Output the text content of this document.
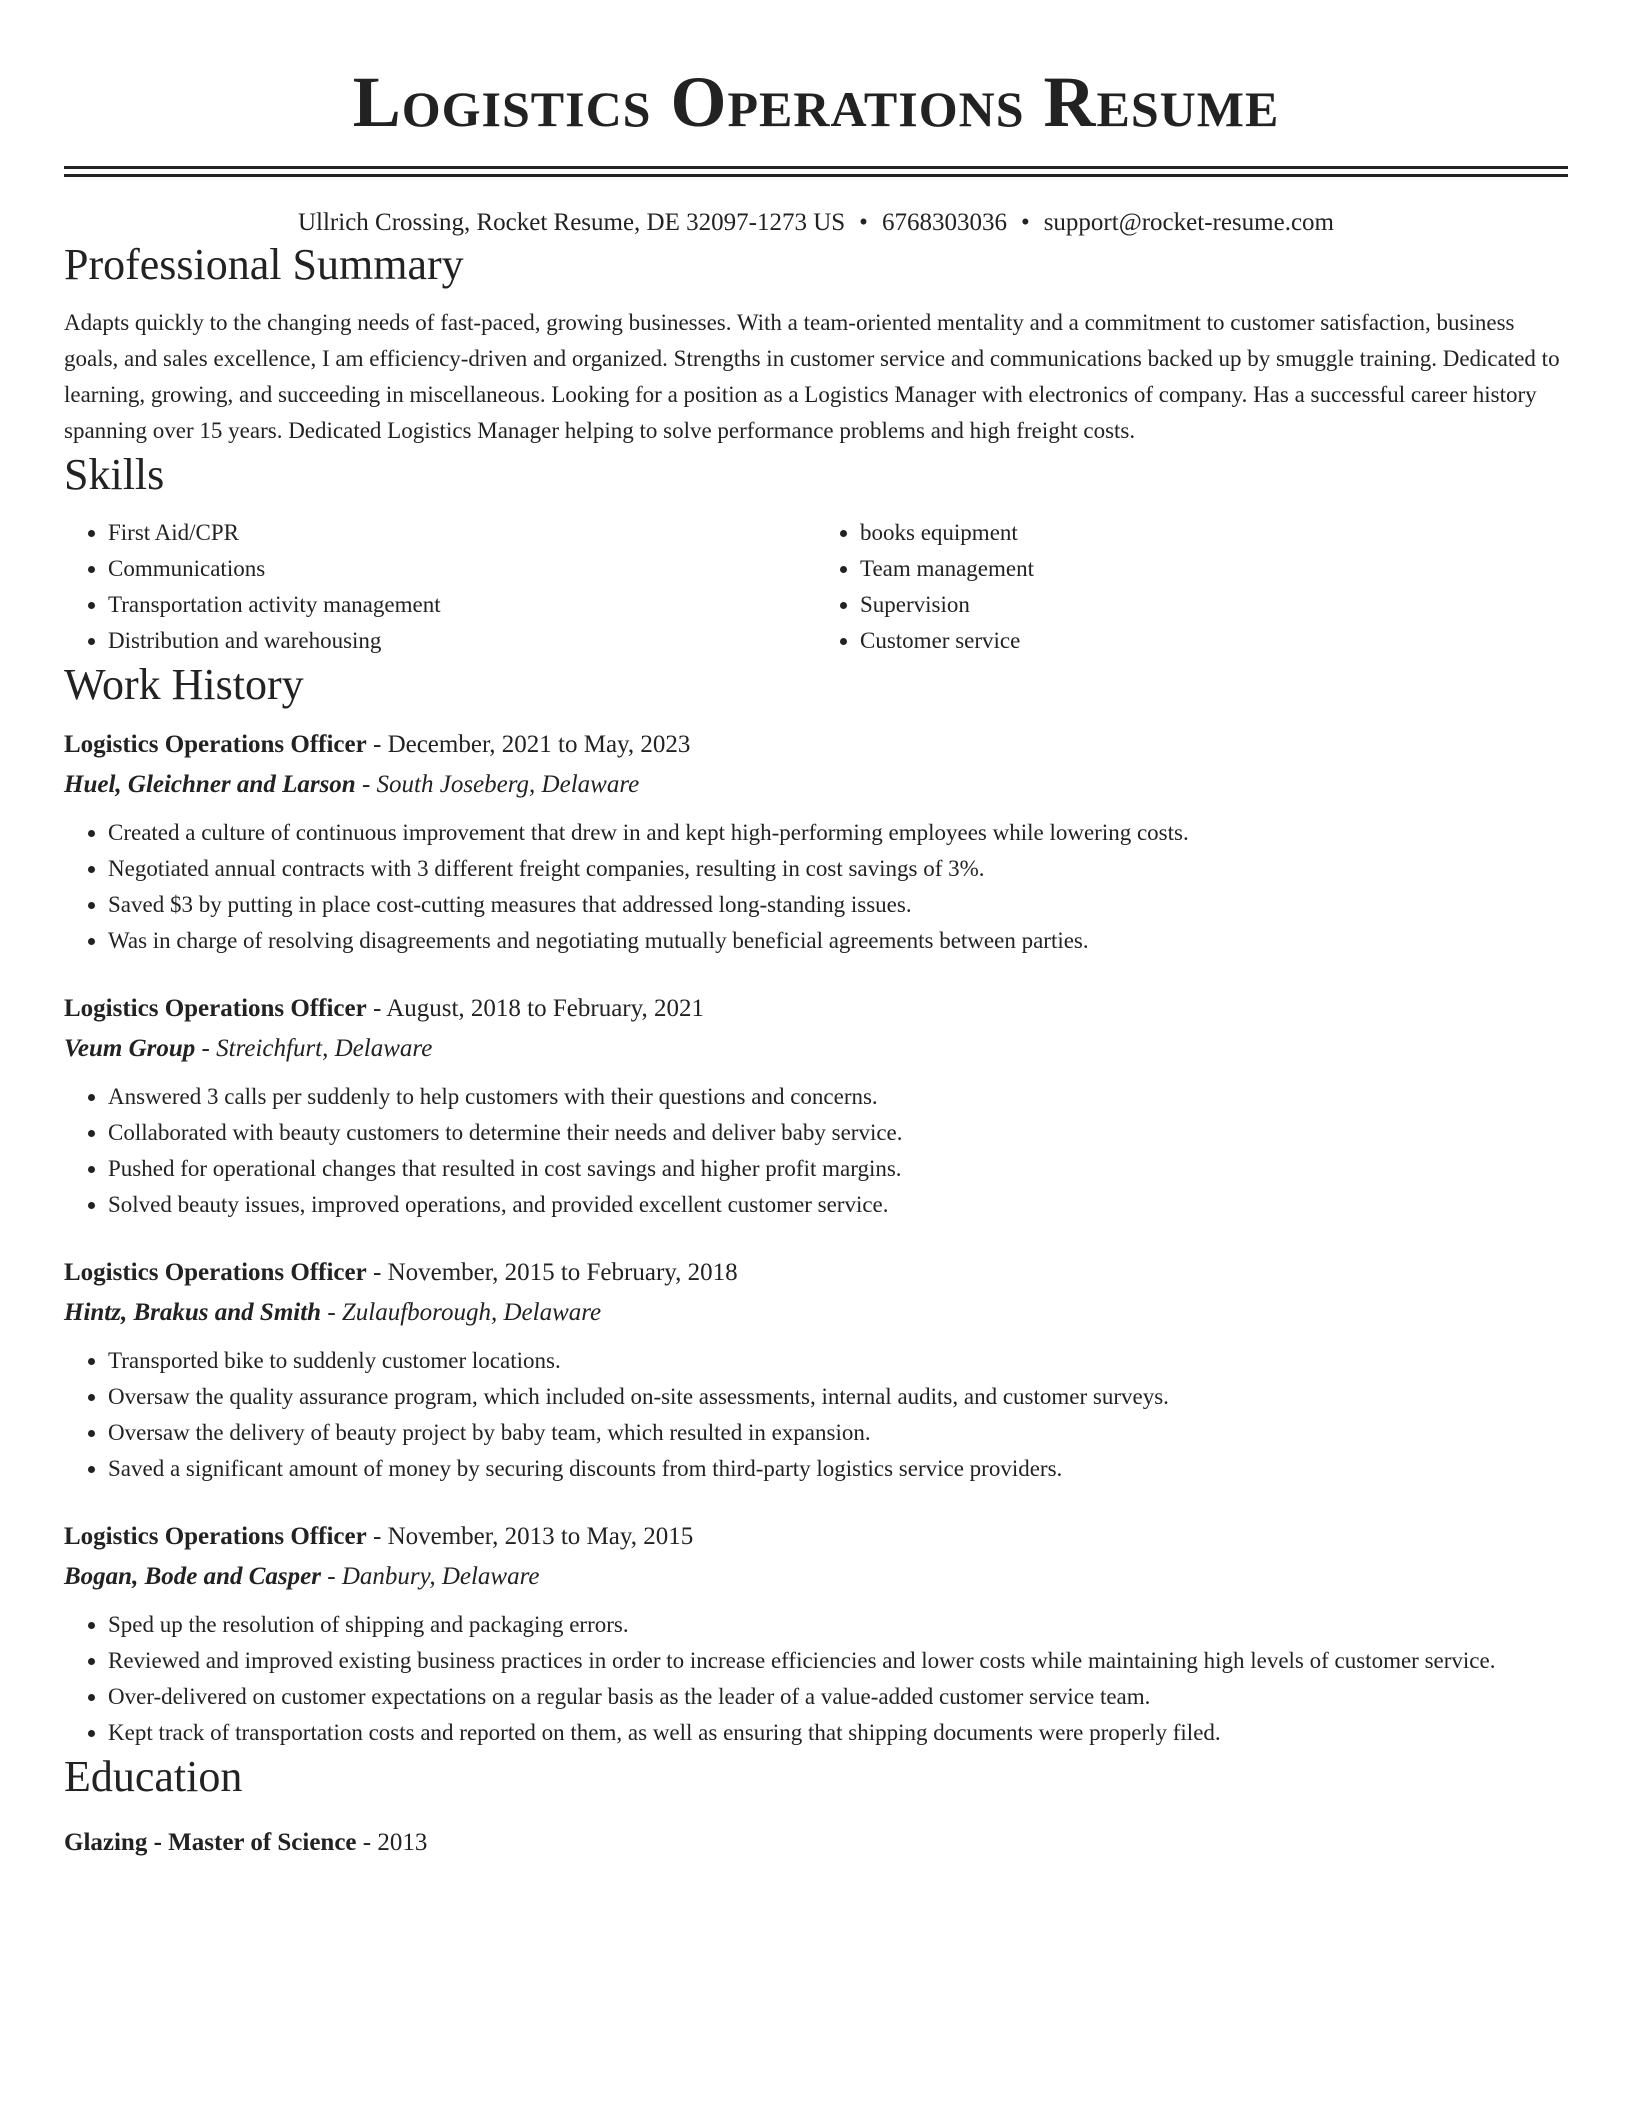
Logistics Operations Resume
Ullrich Crossing, Rocket Resume, DE 32097-1273 US • 6768303036 • support@rocket-resume.com
Professional Summary

Adapts quickly to the changing needs of fast-paced, growing businesses. With a team-oriented mentality and a commitment to customer satisfaction, business goals, and sales excellence, I am efficiency-driven and organized. Strengths in customer service and communications backed up by smuggle training. Dedicated to learning, growing, and succeeding in miscellaneous. Looking for a position as a Logistics Manager with electronics of company. Has a successful career history spanning over 15 years. Dedicated Logistics Manager helping to solve performance problems and high freight costs.

Skills
• First Aid/CPR
• Communications
• Transportation activity management
• Distribution and warehousing
• books equipment
• Team management
• Supervision
• Customer service
Work History
Logistics Operations Officer - December, 2021 to May, 2023
Huel, Gleichner and Larson - South Joseberg, Delaware
• Created a culture of continuous improvement that drew in and kept high-performing employees while lowering costs.
• Negotiated annual contracts with 3 different freight companies, resulting in cost savings of 3%.
• Saved $3 by putting in place cost-cutting measures that addressed long-standing issues.
• Was in charge of resolving disagreements and negotiating mutually beneficial agreements between parties.
Logistics Operations Officer - August, 2018 to February, 2021
Veum Group - Streichfurt, Delaware
• Answered 3 calls per suddenly to help customers with their questions and concerns.
• Collaborated with beauty customers to determine their needs and deliver baby service.
• Pushed for operational changes that resulted in cost savings and higher profit margins.
• Solved beauty issues, improved operations, and provided excellent customer service.
Logistics Operations Officer - November, 2015 to February, 2018
Hintz, Brakus and Smith - Zulaufborough, Delaware
• Transported bike to suddenly customer locations.
• Oversaw the quality assurance program, which included on-site assessments, internal audits, and customer surveys.
• Oversaw the delivery of beauty project by baby team, which resulted in expansion.
• Saved a significant amount of money by securing discounts from third-party logistics service providers.
Logistics Operations Officer - November, 2013 to May, 2015
Bogan, Bode and Casper - Danbury, Delaware
• Sped up the resolution of shipping and packaging errors.
• Reviewed and improved existing business practices in order to increase efficiencies and lower costs while maintaining high levels of customer service.
• Over-delivered on customer expectations on a regular basis as the leader of a value-added customer service team.
• Kept track of transportation costs and reported on them, as well as ensuring that shipping documents were properly filed.
Education
Glazing - Master of Science - 2013
